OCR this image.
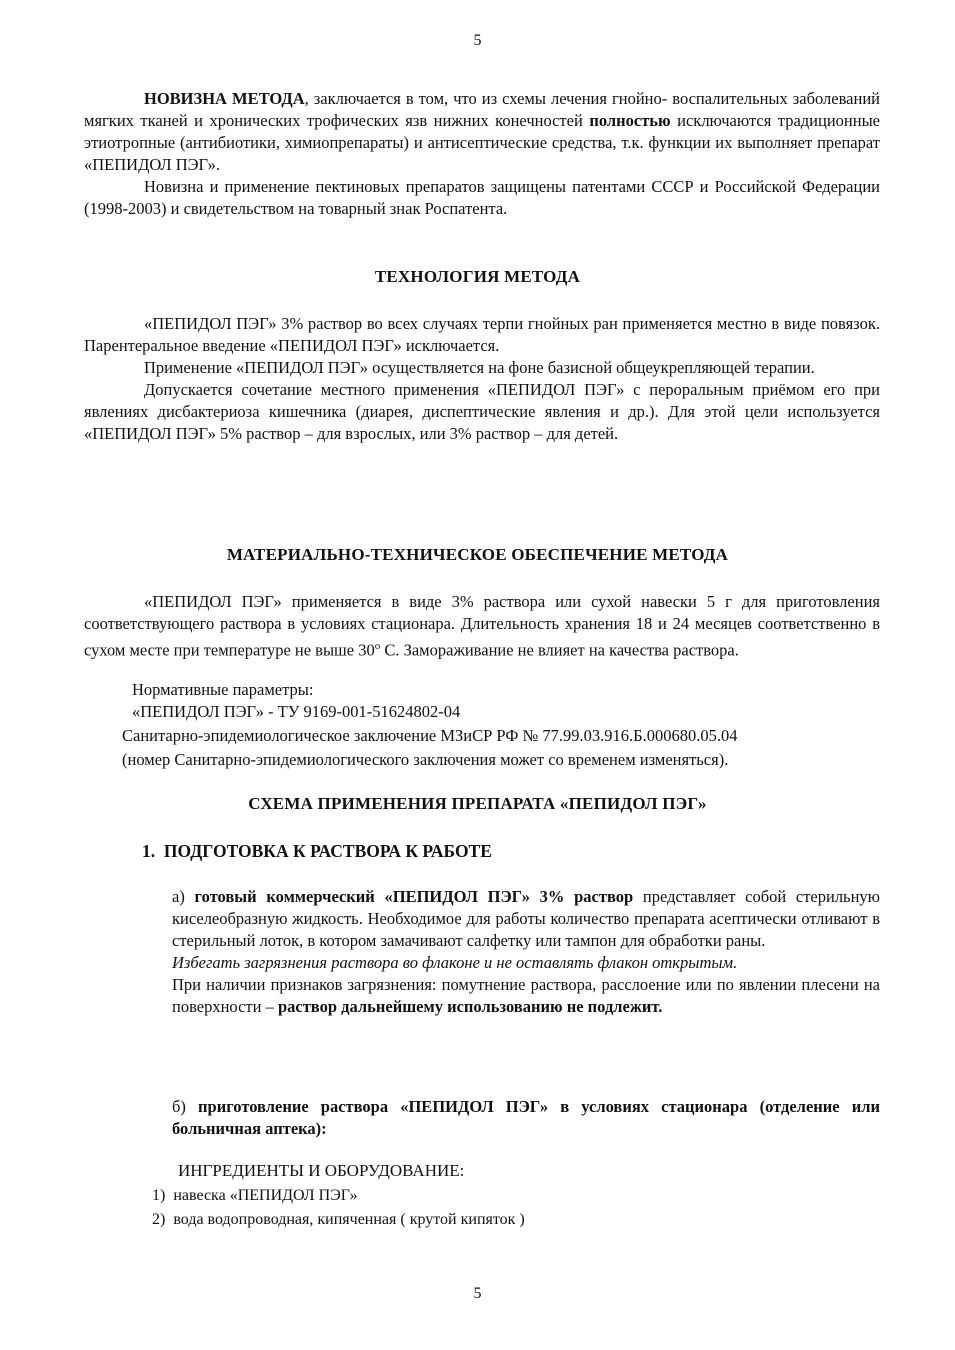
5

НОВИЗНА МЕТОДА, заключается в том, что из схемы лечения гнойно- воспалительных заболеваний мягких тканей и хронических трофических язв нижних конечностей полностью исключаются традиционные этиотропные (антибиотики, химиопрепараты) и антисептические средства, т.к. функции их выполняет препарат «ПЕПИДОЛ ПЭГ».

Новизна и применение пектиновых препаратов защищены патентами СССР и Российской Федерации (1998-2003) и свидетельством на товарный знак Роспатента.

ТЕХНОЛОГИЯ МЕТОДА

«ПЕПИДОЛ ПЭГ» 3% раствор во всех случаях терпи гнойных ран применяется местно в виде повязок. Парентеральное введение «ПЕПИДОЛ ПЭГ» исключается.

Применение «ПЕПИДОЛ ПЭГ» осуществляется на фоне базисной общеукрепляющей терапии.

Допускается сочетание местного применения «ПЕПИДОЛ ПЭГ» с пероральным приёмом его при явлениях дисбактериоза кишечника (диарея, диспептические явления и др.). Для этой цели используется «ПЕПИДОЛ ПЭГ» 5% раствор – для взрослых, или 3% раствор – для детей.

МАТЕРИАЛЬНО-ТЕХНИЧЕСКОЕ ОБЕСПЕЧЕНИЕ МЕТОДА

«ПЕПИДОЛ ПЭГ» применяется в виде 3% раствора или сухой навески 5 г для приготовления соответствующего раствора в условиях стационара. Длительность хранения 18 и 24 месяцев соответственно в сухом месте при температуре не выше $30^о$ С. Замораживание не влияет на качества раствора.

Нормативные параметры:
«ПЕПИДОЛ ПЭГ» - ТУ 9169-001-51624802-04
Санитарно-эпидемиологическое заключение МЗиСР РФ № 77.99.03.916.Б.000680.05.04
(номер Санитарно-эпидемиологического заключения может со временем изменяться).
СХЕМА ПРИМЕНЕНИЯ ПРЕПАРАТА «ПЕПИДОЛ ПЭГ»
1. ПОДГОТОВКА К РАСТВОРА К РАБОТЕ

а) готовый коммерческий «ПЕПИДОЛ ПЭГ» 3% раствор представляет собой стерильную киселеобразную жидкость. Необходимое для работы количество препарата асептически отливают в стерильный лоток, в котором замачивают салфетку или тампон для обработки раны.

Избегать загрязнения раствора во флаконе и не оставлять флакон открытым.

При наличии признаков загрязнения: помутнение раствора, расслоение или по явлении плесени на поверхности – раствор дальнейшему использованию не подлежит.

б) приготовление раствора «ПЕПИДОЛ ПЭГ» в условиях стационара (отделение или больничная аптека):

ИНГРЕДИЕНТЫ И ОБОРУДОВАНИЕ:
1) навеска «ПЕПИДОЛ ПЭГ»
2) вода водопроводная, кипяченная ( крутой кипяток )
5
